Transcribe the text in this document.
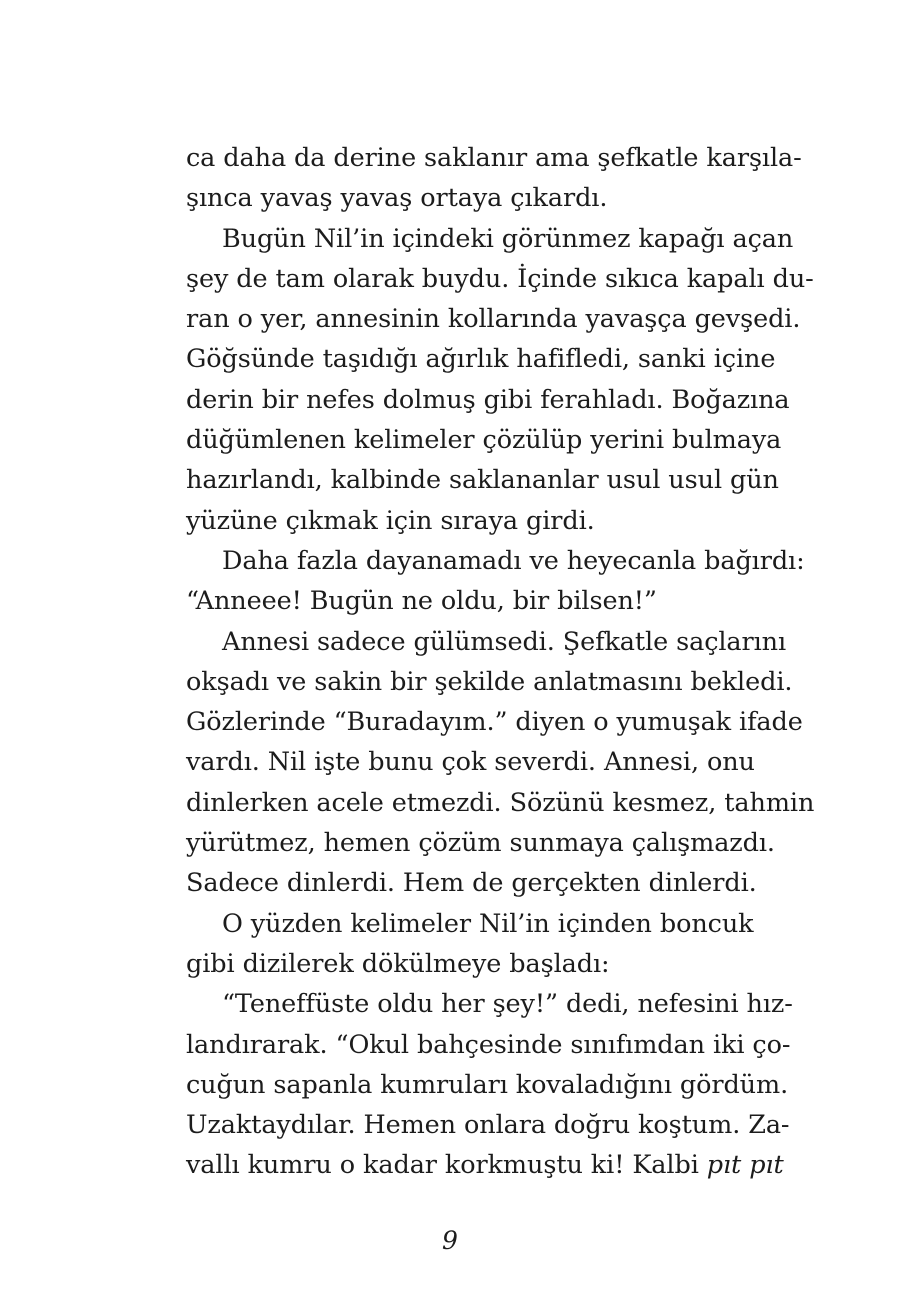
ca daha da derine saklanır ama şefkatle karşıla-
şınca yavaş yavaş ortaya çıkardı.
Bugün Nil’in içindeki görünmez kapağı açan
şey de tam olarak buydu. İçinde sıkıca kapalı du-
ran o yer, annesinin kollarında yavaşça gevşedi.
Göğsünde taşıdığı ağırlık hafifledi, sanki içine
derin bir nefes dolmuş gibi ferahladı. Boğazına
düğümlenen kelimeler çözülüp yerini bulmaya
hazırlandı, kalbinde saklananlar usul usul gün
yüzüne çıkmak için sıraya girdi.
Daha fazla dayanamadı ve heyecanla bağırdı:
“Anneee! Bugün ne oldu, bir bilsen!”
Annesi sadece gülümsedi. Şefkatle saçlarını
okşadı ve sakin bir şekilde anlatmasını bekledi.
Gözlerinde “Buradayım.” diyen o yumuşak ifade
vardı. Nil işte bunu çok severdi. Annesi, onu
dinlerken acele etmezdi. Sözünü kesmez, tahmin
yürütmez, hemen çözüm sunmaya çalışmazdı.
Sadece dinlerdi. Hem de gerçekten dinlerdi.
O yüzden kelimeler Nil’in içinden boncuk
gibi dizilerek dökülmeye başladı:
“Teneffüste oldu her şey!” dedi, nefesini hız-
landırarak. “Okul bahçesinde sınıfımdan iki ço-
cuğun sapanla kumruları kovaladığını gördüm.
Uzaktaydılar. Hemen onlara doğru koştum. Za-
vallı kumru o kadar korkmuştu ki! Kalbi pıt pıt
9
